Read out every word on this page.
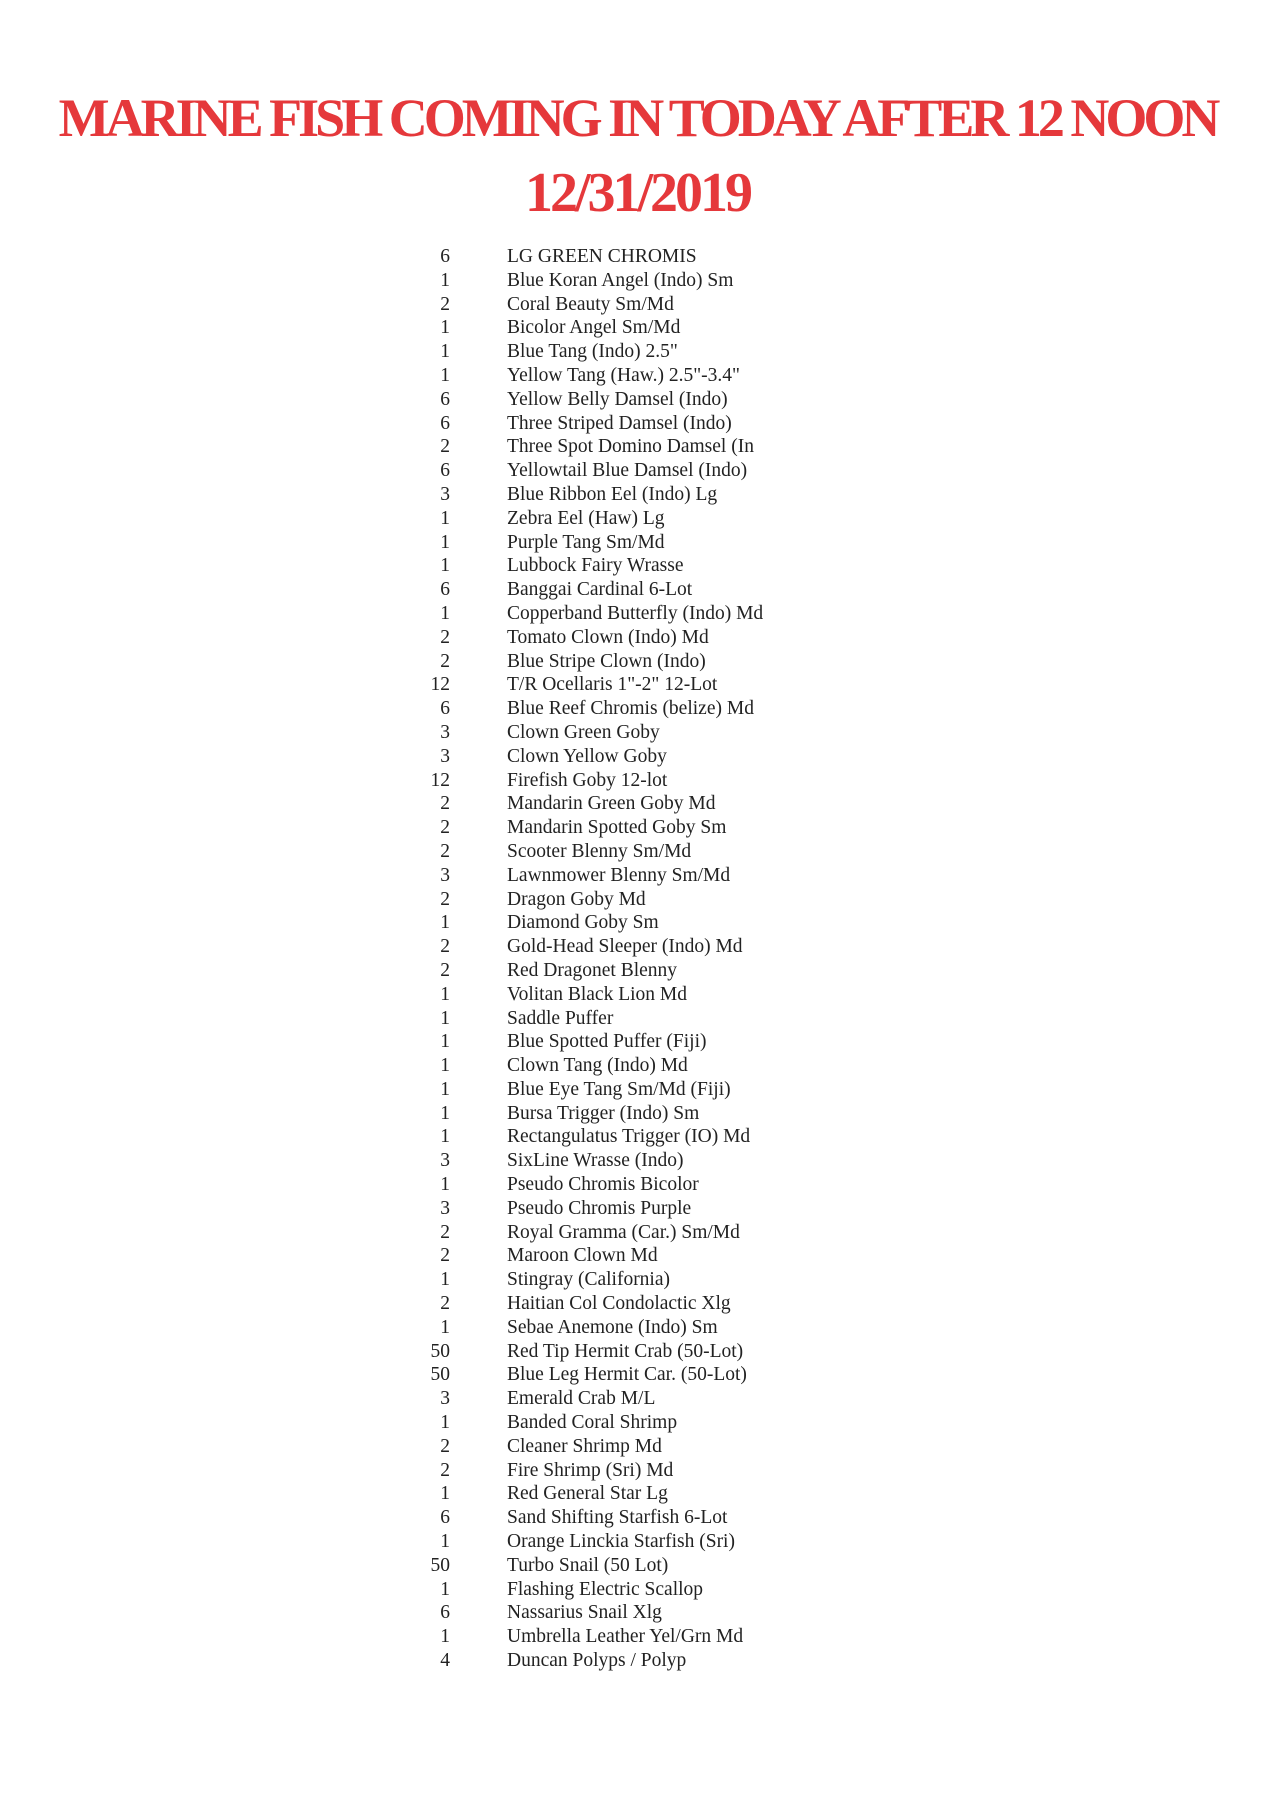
MARINE FISH COMING IN TODAY AFTER 12 NOON
12/31/2019
6	LG GREEN CHROMIS
1	Blue Koran Angel (Indo) Sm
2	Coral Beauty Sm/Md
1	Bicolor Angel Sm/Md
1	Blue Tang (Indo) 2.5"
1	Yellow Tang (Haw.) 2.5"-3.4"
6	Yellow Belly Damsel (Indo)
6	Three Striped Damsel (Indo)
2	Three Spot Domino Damsel (In
6	Yellowtail Blue Damsel (Indo)
3	Blue Ribbon Eel (Indo) Lg
1	Zebra Eel (Haw) Lg
1	Purple Tang Sm/Md
1	Lubbock Fairy Wrasse
6	Banggai Cardinal 6-Lot
1	Copperband Butterfly (Indo) Md
2	Tomato Clown (Indo) Md
2	Blue Stripe Clown (Indo)
12	T/R Ocellaris 1"-2" 12-Lot
6	Blue Reef Chromis (belize) Md
3	Clown Green Goby
3	Clown Yellow Goby
12	Firefish Goby 12-lot
2	Mandarin Green Goby Md
2	Mandarin Spotted Goby Sm
2	Scooter Blenny Sm/Md
3	Lawnmower Blenny Sm/Md
2	Dragon Goby Md
1	Diamond Goby Sm
2	Gold-Head Sleeper (Indo) Md
2	Red Dragonet Blenny
1	Volitan Black Lion Md
1	Saddle Puffer
1	Blue Spotted Puffer (Fiji)
1	Clown Tang (Indo) Md
1	Blue Eye Tang Sm/Md (Fiji)
1	Bursa Trigger (Indo) Sm
1	Rectangulatus Trigger (IO) Md
3	SixLine Wrasse (Indo)
1	Pseudo Chromis Bicolor
3	Pseudo Chromis Purple
2	Royal Gramma (Car.) Sm/Md
2	Maroon Clown Md
1	Stingray (California)
2	Haitian Col Condolactic Xlg
1	Sebae Anemone (Indo) Sm
50	Red Tip Hermit Crab (50-Lot)
50	Blue Leg Hermit Car. (50-Lot)
3	Emerald Crab M/L
1	Banded Coral Shrimp
2	Cleaner Shrimp Md
2	Fire Shrimp (Sri) Md
1	Red General Star Lg
6	Sand Shifting Starfish 6-Lot
1	Orange Linckia Starfish (Sri)
50	Turbo Snail (50 Lot)
1	Flashing Electric Scallop
6	Nassarius Snail Xlg
1	Umbrella Leather Yel/Grn Md
4	Duncan Polyps / Polyp
